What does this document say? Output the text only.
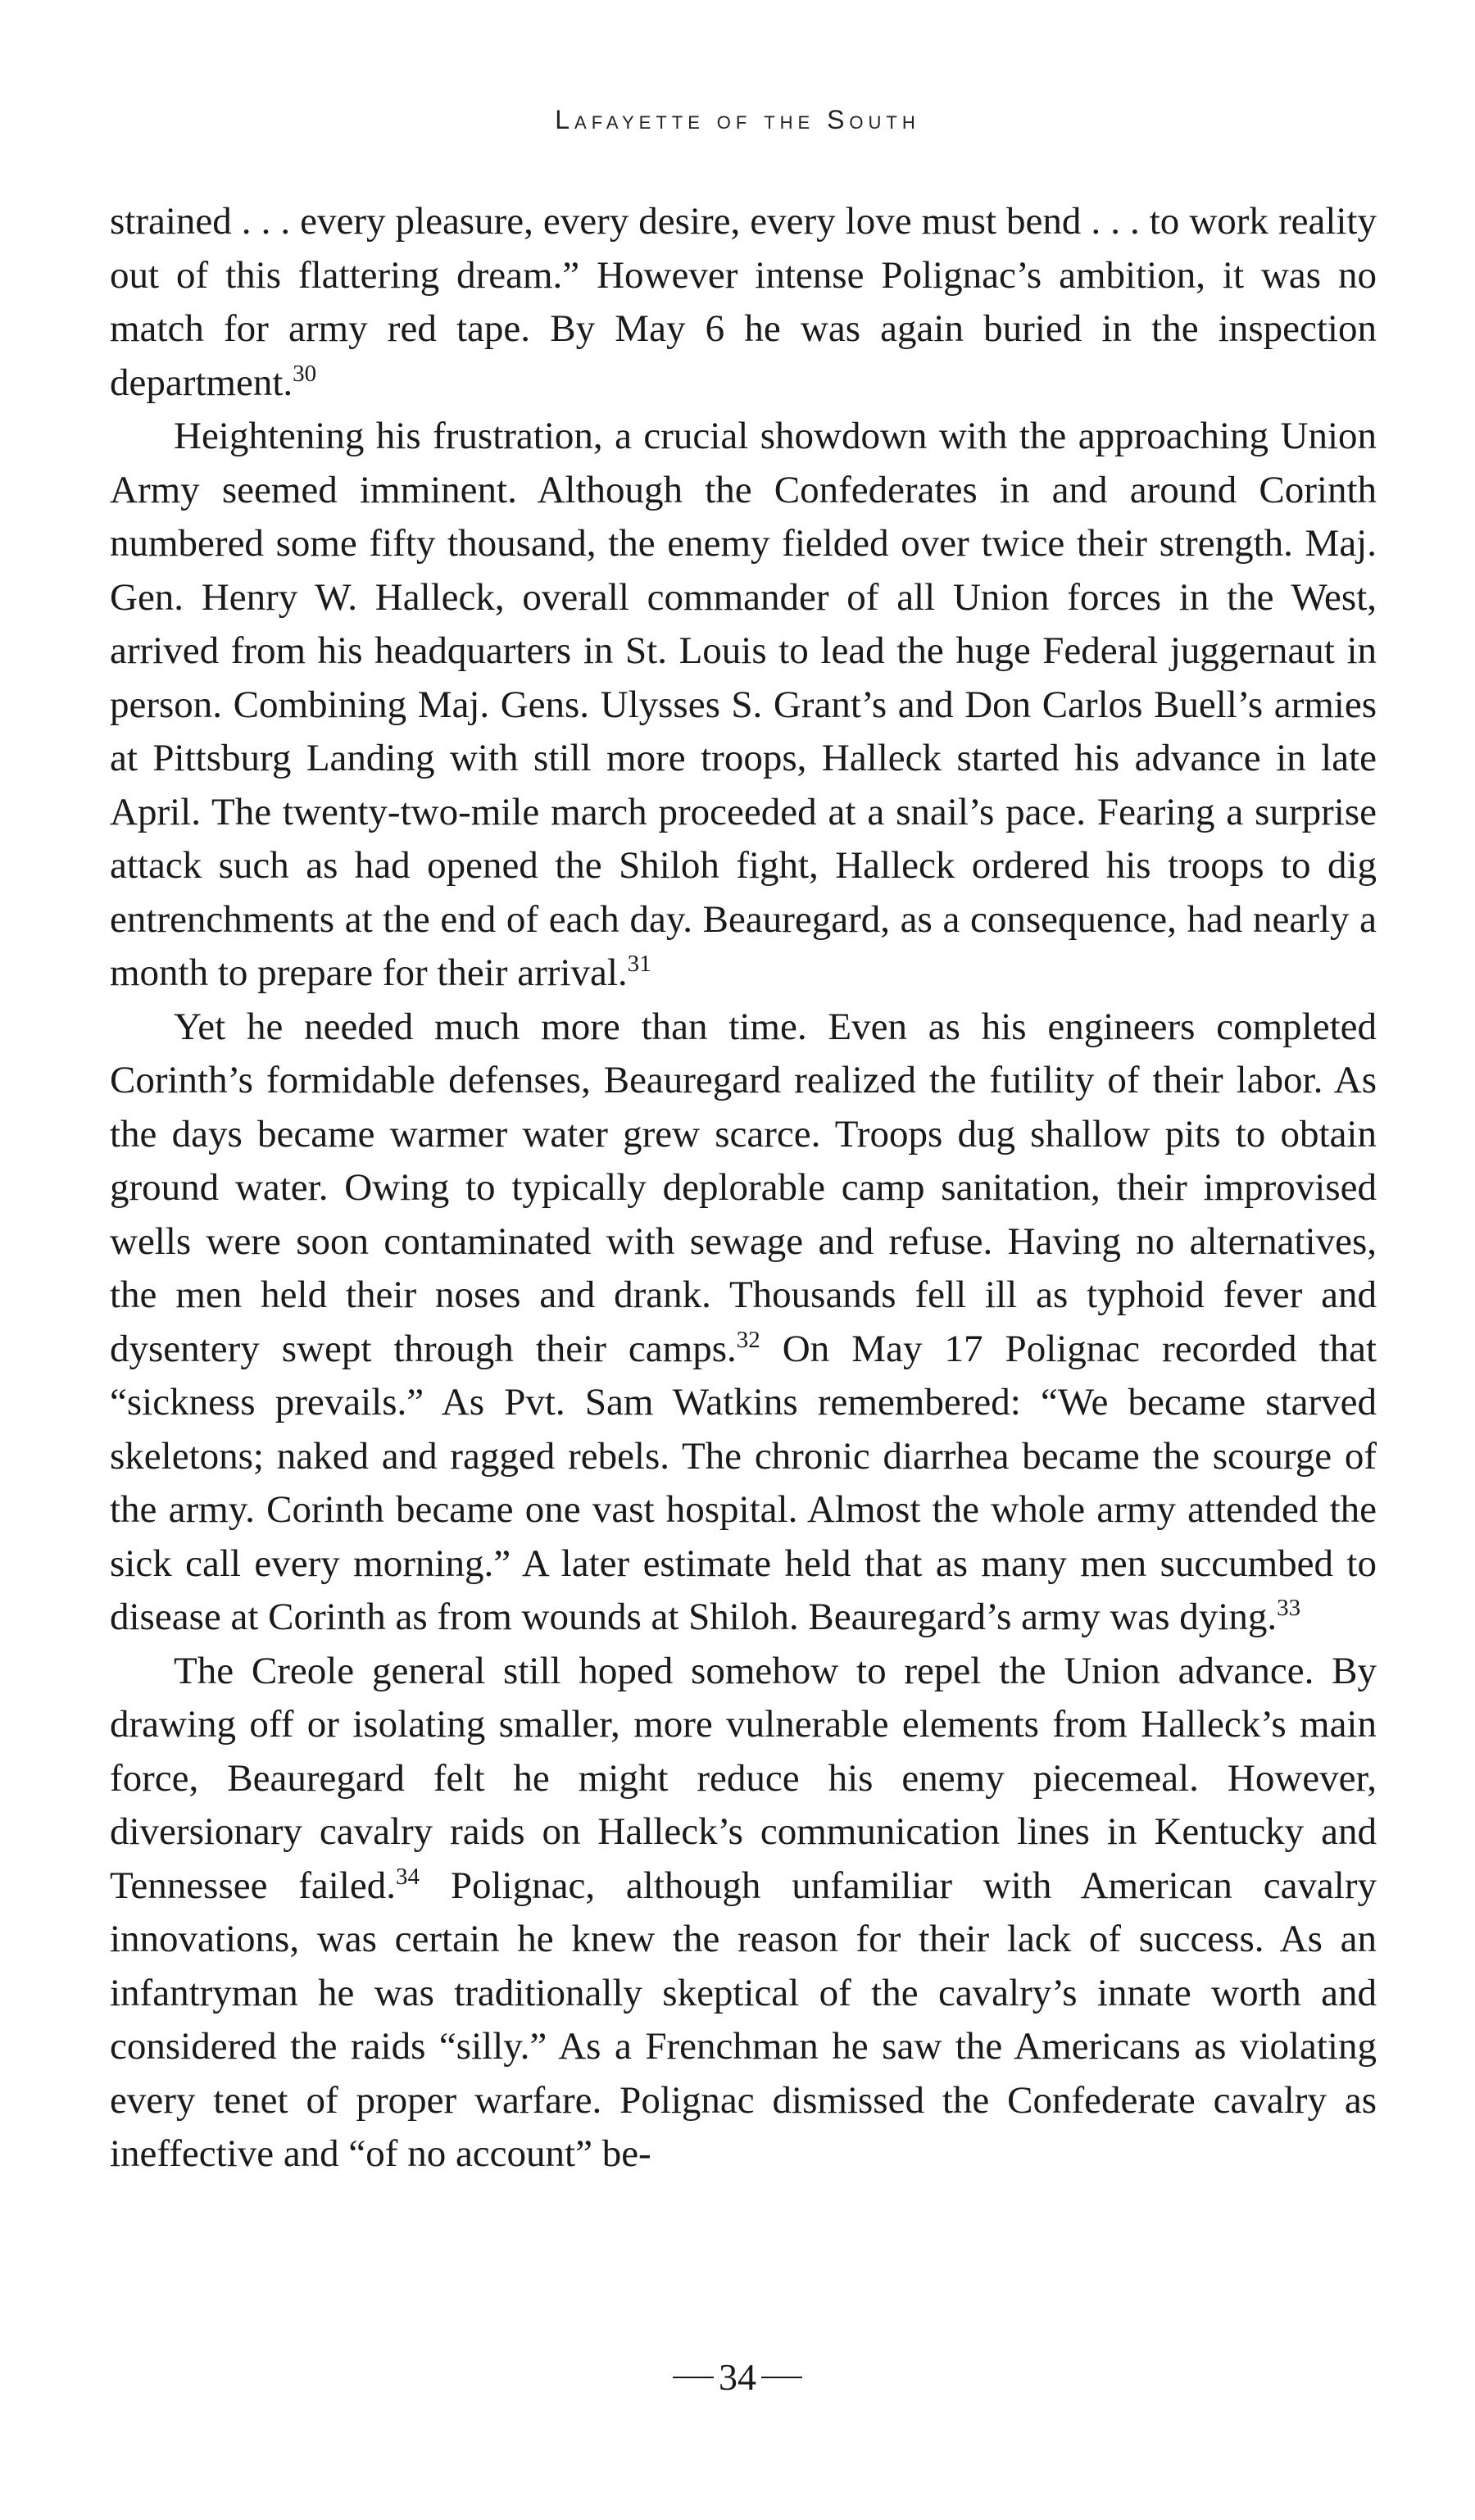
Lafayette of the South

strained . . . every pleasure, every desire, every love must bend . . . to work reality out of this flattering dream.” However intense Polignac’s ambition, it was no match for army red tape. By May 6 he was again buried in the inspection department.$^{30}$

Heightening his frustration, a crucial showdown with the approaching Union Army seemed imminent. Although the Confederates in and around Corinth numbered some fifty thousand, the enemy fielded over twice their strength. Maj. Gen. Henry W. Halleck, overall commander of all Union forces in the West, arrived from his headquarters in St. Louis to lead the huge Federal juggernaut in person. Combining Maj. Gens. Ulysses S. Grant’s and Don Carlos Buell’s armies at Pittsburg Landing with still more troops, Halleck started his advance in late April. The twenty-two-mile march proceeded at a snail’s pace. Fearing a surprise attack such as had opened the Shiloh fight, Halleck ordered his troops to dig entrenchments at the end of each day. Beauregard, as a consequence, had nearly a month to prepare for their arrival.$^{31}$

Yet he needed much more than time. Even as his engineers completed Corinth’s formidable defenses, Beauregard realized the futility of their labor. As the days became warmer water grew scarce. Troops dug shallow pits to obtain ground water. Owing to typically deplorable camp sanitation, their improvised wells were soon contaminated with sewage and refuse. Having no alternatives, the men held their noses and drank. Thousands fell ill as typhoid fever and dysentery swept through their camps.$^{32}$ On May 17 Polignac recorded that “sickness prevails.” As Pvt. Sam Watkins remembered: “We became starved skeletons; naked and ragged rebels. The chronic diarrhea became the scourge of the army. Corinth became one vast hospital. Almost the whole army attended the sick call every morning.” A later estimate held that as many men succumbed to disease at Corinth as from wounds at Shiloh. Beauregard’s army was dying.$^{33}$

The Creole general still hoped somehow to repel the Union advance. By drawing off or isolating smaller, more vulnerable elements from Halleck’s main force, Beauregard felt he might reduce his enemy piecemeal. However, diversionary cavalry raids on Halleck’s communication lines in Kentucky and Tennessee failed.$^{34}$ Polignac, although unfamiliar with American cavalry innovations, was certain he knew the reason for their lack of success. As an infantryman he was traditionally skeptical of the cavalry’s innate worth and considered the raids “silly.” As a Frenchman he saw the Americans as violating every tenet of proper warfare. Polignac dismissed the Confederate cavalry as ineffective and “of no account” be-

34
